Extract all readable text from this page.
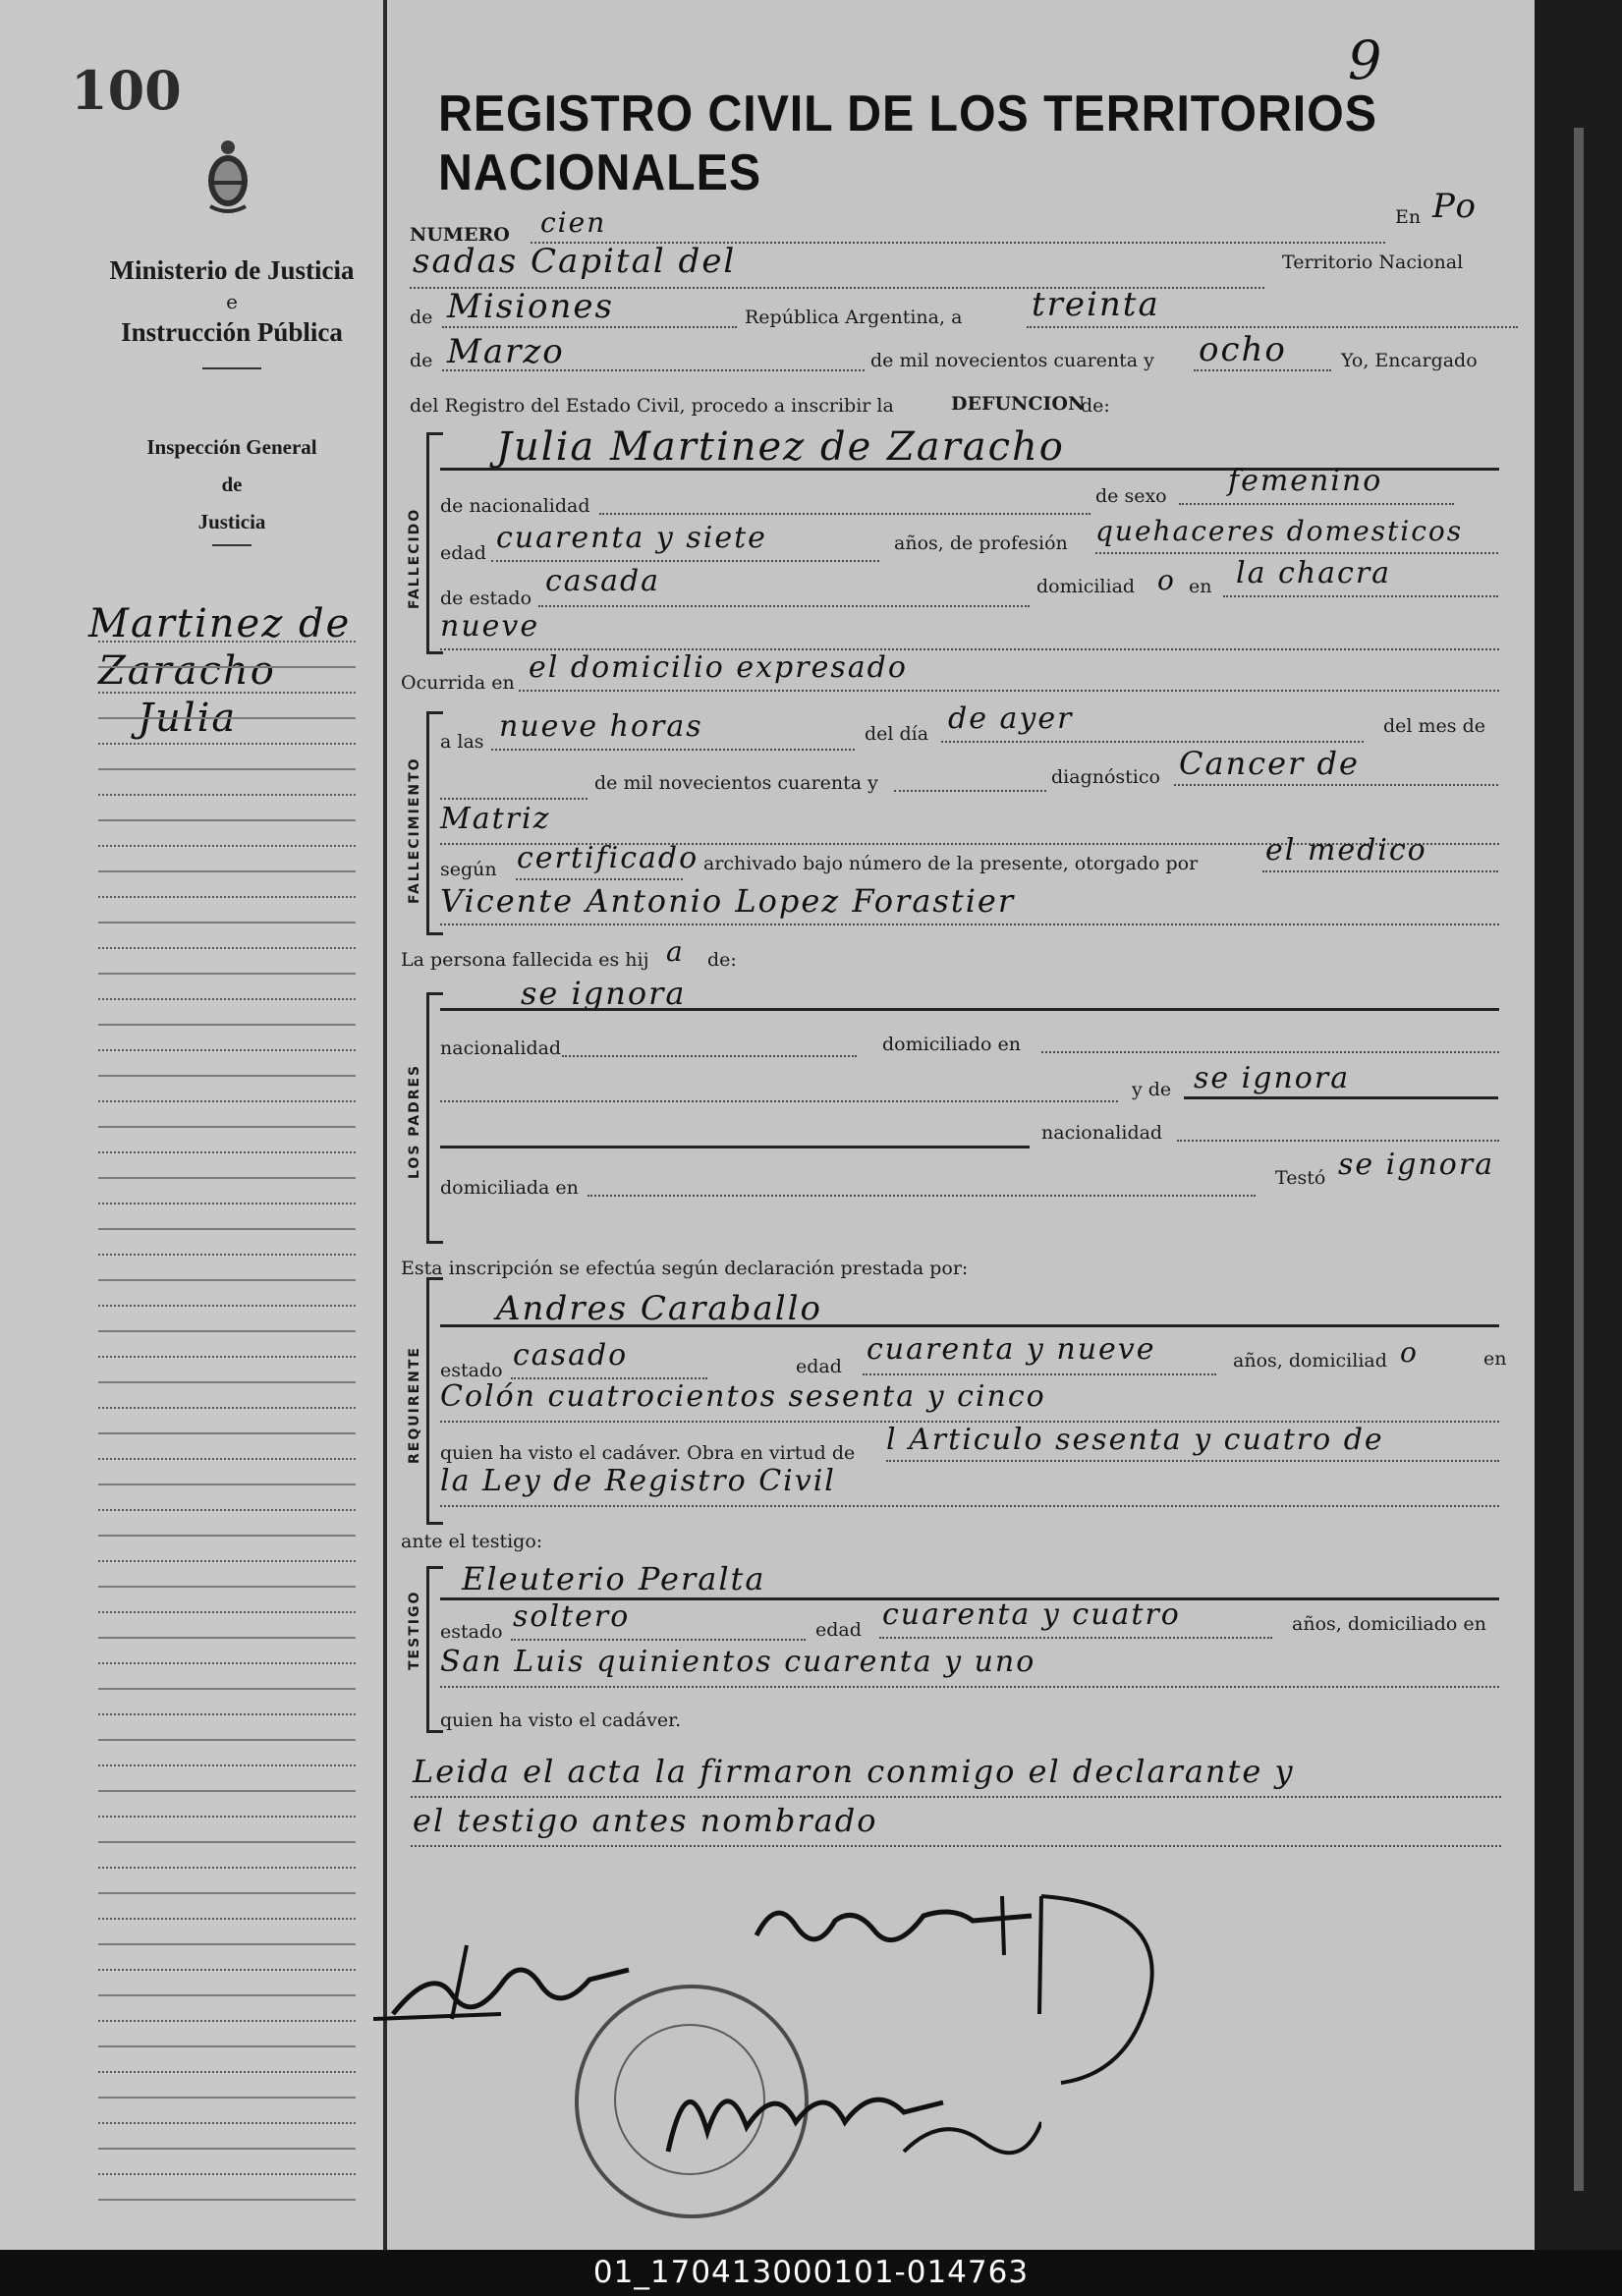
100
Ministerio de Justicia
e
Instrucción Pública
Inspección General
de
Justicia
Martinez de
Zaracho
Julia
REGISTRO CIVIL DE LOS TERRITORIOS NACIONALES
9
NUMERO cien	En Po
sadas Capital del	Territorio Nacional
de Misiones	República Argentina, a treinta
de Marzo	de mil novecientos cuarenta y ocho	Yo, Encargado
del Registro del Estado Civil, procedo a inscribir la	DEFUNCION
de:
FALLECIDO
Julia Martinez de Zaracho
de nacionalidad	de sexo femenino
edad cuarenta y siete	años, de profesión quehaceres domesticos
de estado casada	domiciliad o en la chacra
nueve
Ocurrida en el domicilio expresado
FALLECIMIENTO
a las nueve horas	del día de ayer	del mes de
de mil novecientos cuarenta y	diagnóstico Cancer de
Matriz
según certificado archivado bajo número de la presente, otorgado por el medico
Vicente Antonio Lopez Forastier
La persona fallecida es hij a de:
LOS PADRES
se ignora
nacionalidad	domiciliado en
y de se ignora
nacionalidad
domiciliada en	Testó se ignora
Esta inscripción se efectúa según declaración prestada por:
REQUIRENTE
Andres Caraballo
estado casado	edad cuarenta y nueve	años, domiciliad o	en
Colón cuatrocientos sesenta y cinco
quien ha visto el cadáver. Obra en virtud de l Articulo sesenta y cuatro de
la Ley de Registro Civil
ante el testigo:
TESTIGO
Eleuterio Peralta
estado soltero	edad cuarenta y cuatro	años, domiciliado en
San Luis quinientos cuarenta y uno
quien ha visto el cadáver.
Leida el acta la firmaron conmigo el declarante y
el testigo antes nombrado
01_170413000101-014763
